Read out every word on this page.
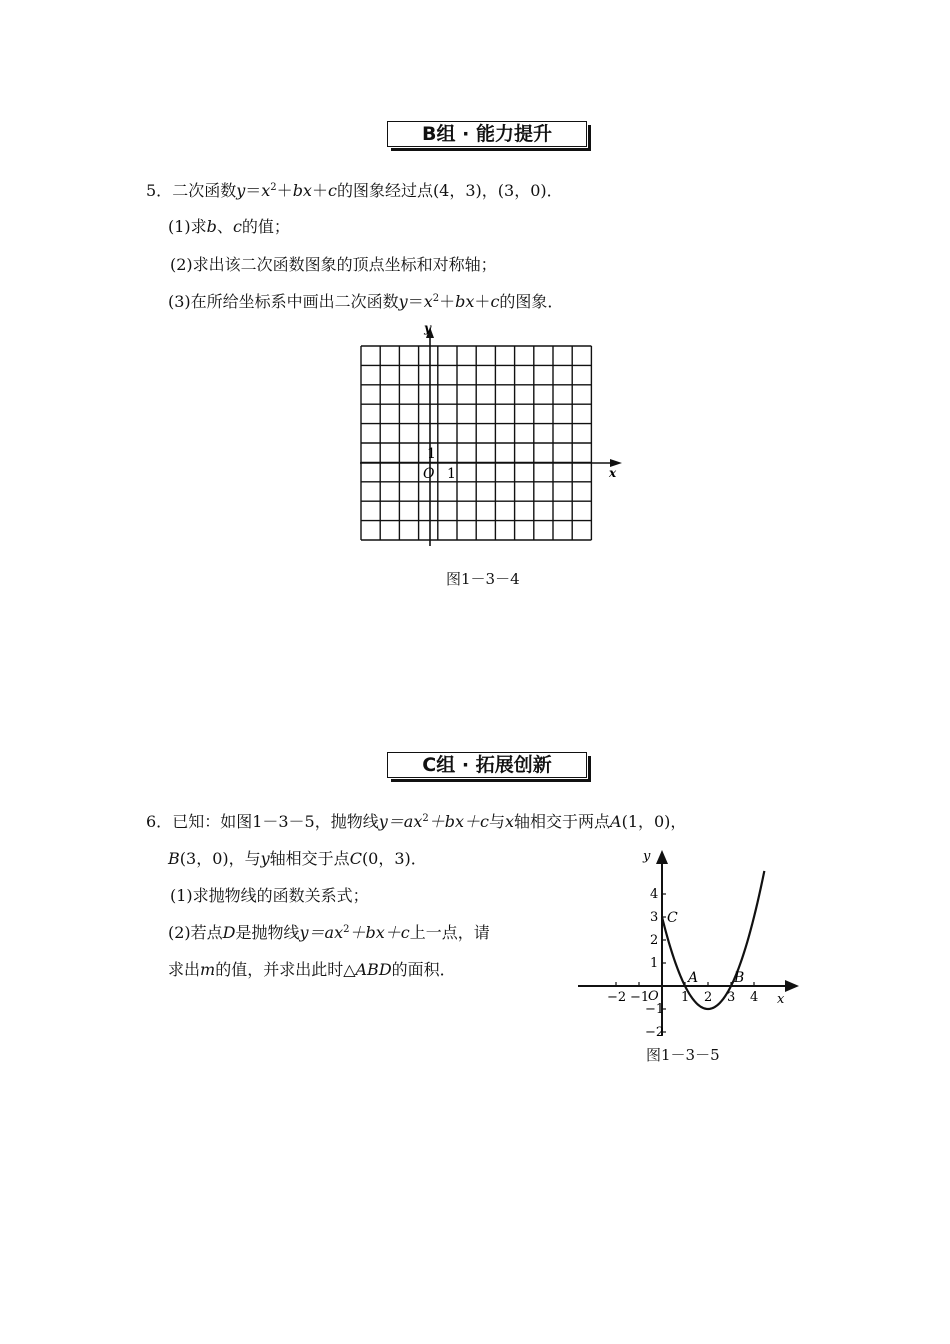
B组 · 能力提升
5．二次函数$y=x^2+bx+c$的图象经过点(4，3)，(3，0)．
(1)求b、c的值；
(2)求出该二次函数图象的顶点坐标和对称轴；
(3)在所给坐标系中画出二次函数$y=x^2+bx+c$的图象．
y
x
1
O 1
图1－3－4
C组 · 拓展创新
6．已知：如图1－3－5，抛物线$y=ax^2+bx+c$与x轴相交于两点A(1，0)，
B(3，0)，与y轴相交于点C(0，3)．
(1)求抛物线的函数关系式；
(2)若点D是抛物线$y=ax^2+bx+c$上一点，请
求出m的值，并求出此时△ABD的面积．
y
x
O
−2 −1 1 2 3 4
4
3
2
1
−1
−2
A	B
C
图1－3－5
